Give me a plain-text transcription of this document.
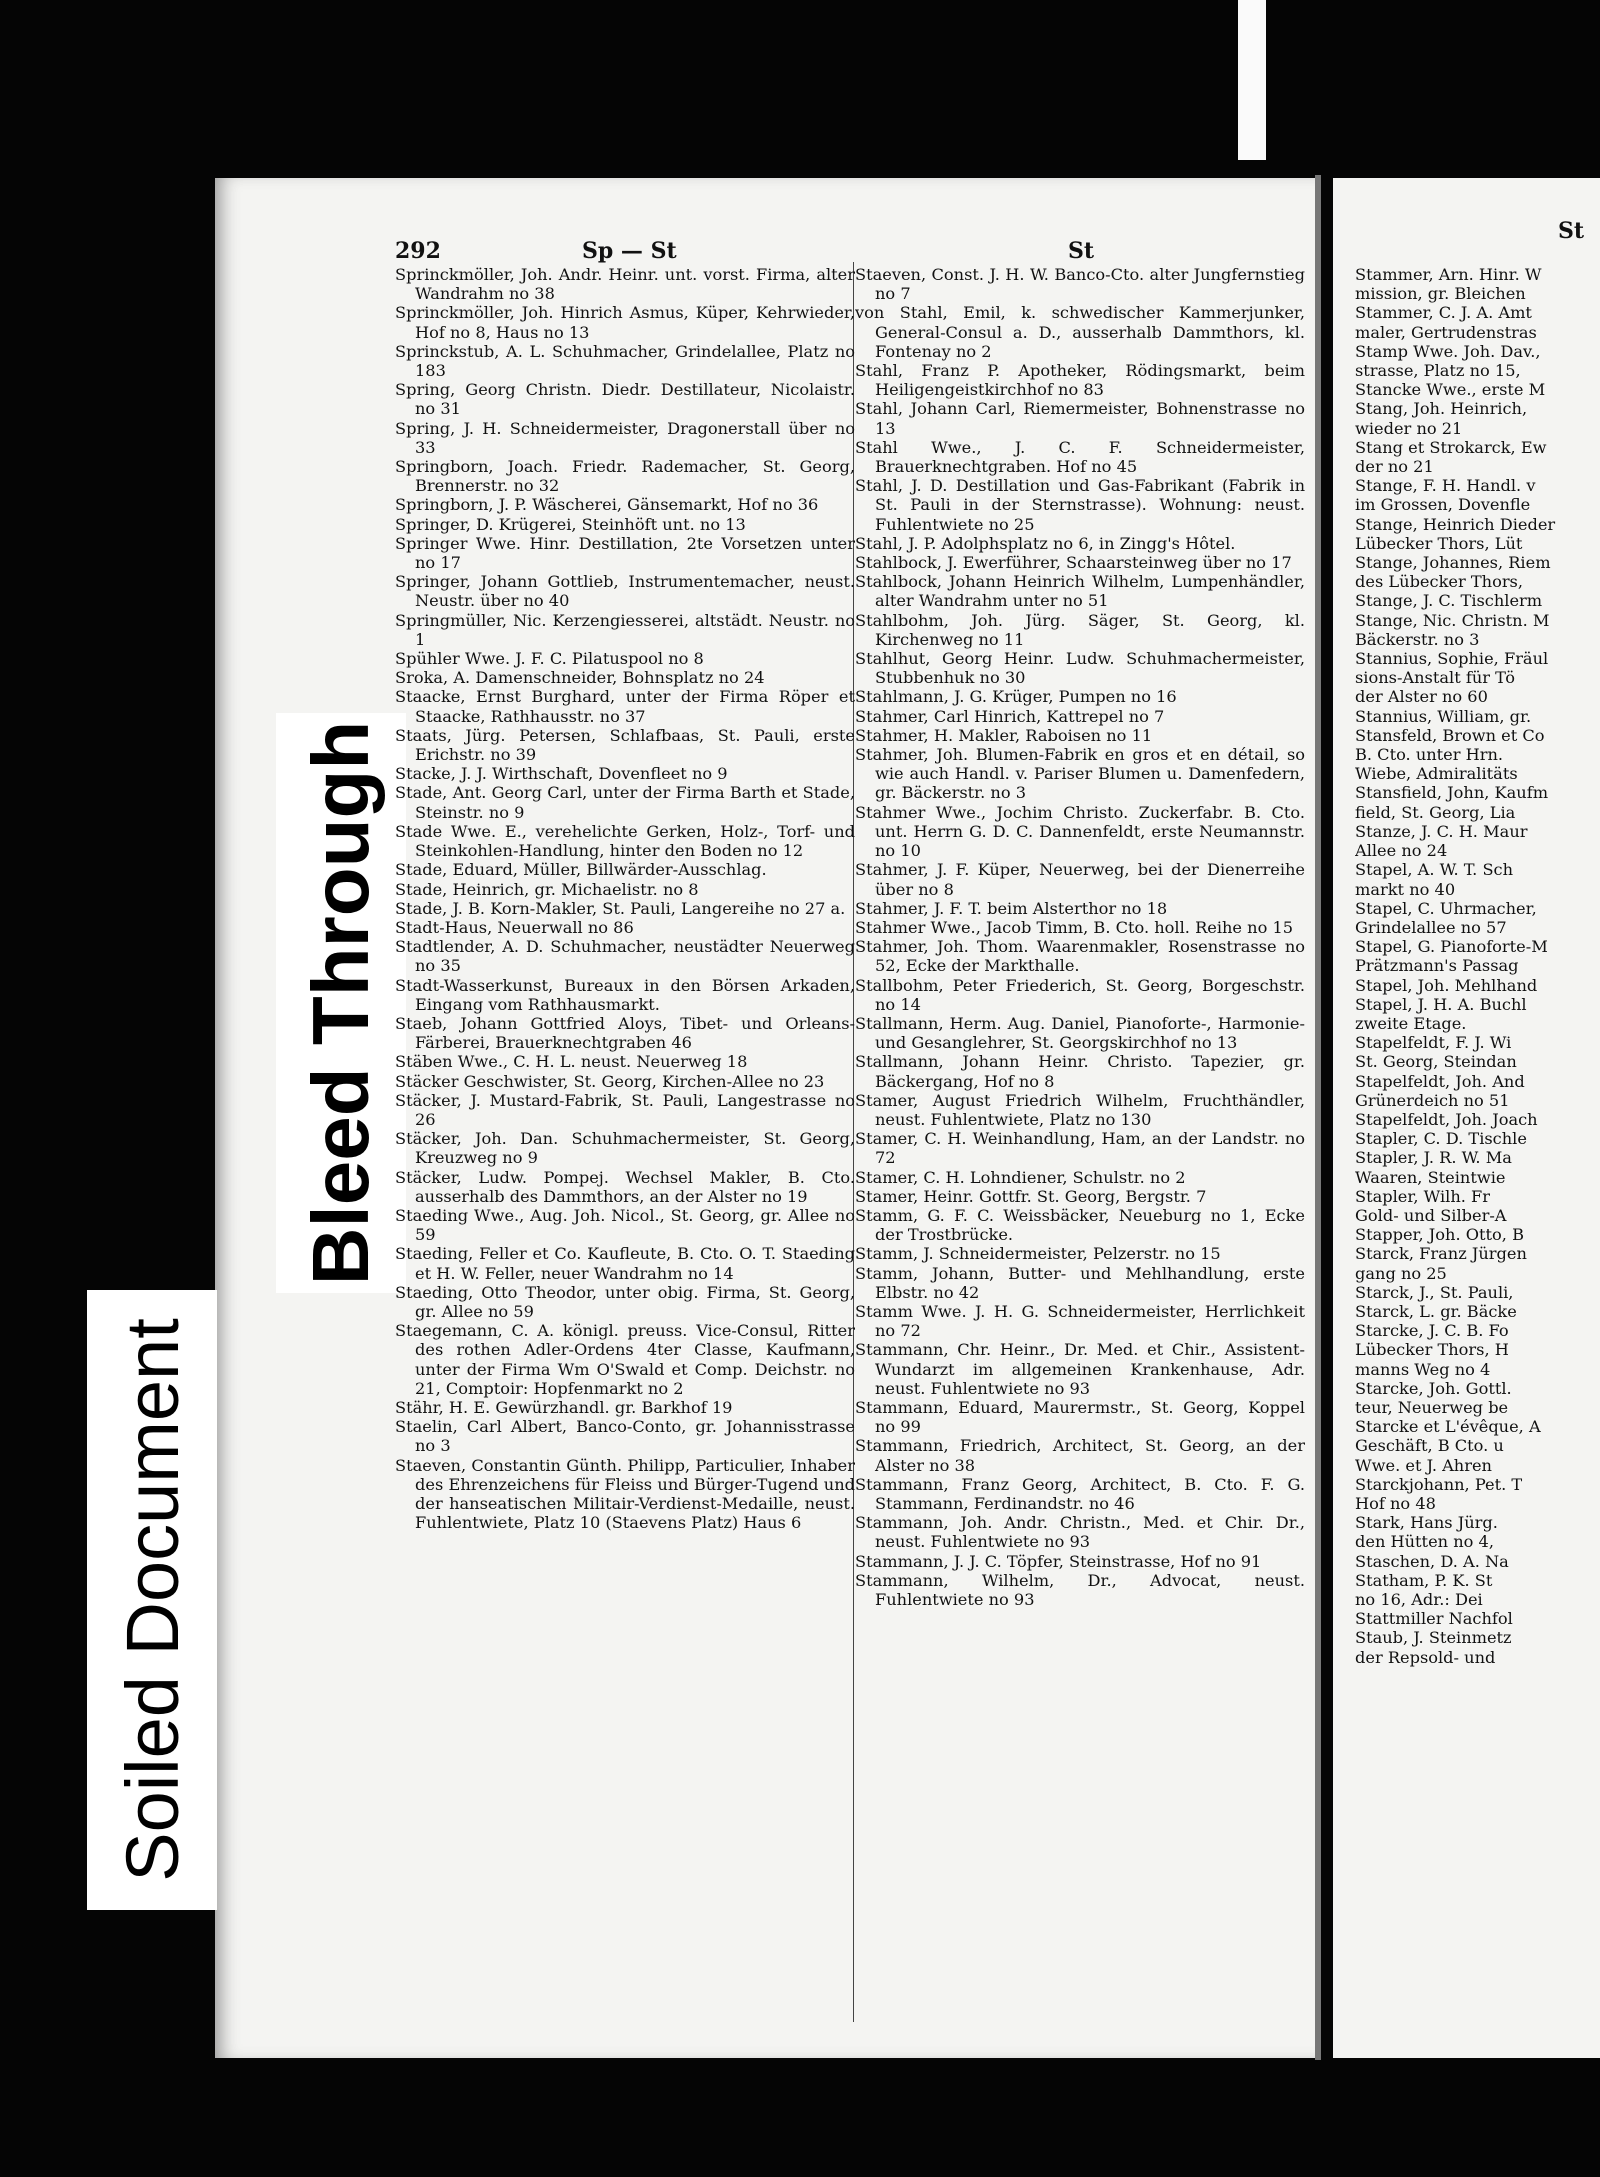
Soiled Document
Bleed Through
292	Sp — St	St
St

Sprinckmöller, Joh. Andr. Heinr. unt. vorst. Firma, alter Wandrahm no 38

Sprinckmöller, Joh. Hinrich Asmus, Küper, Kehrwieder, Hof no 8, Haus no 13

Sprinckstub, A. L. Schuhmacher, Grindelallee, Platz no 183

Spring, Georg Christn. Diedr. Destillateur, Nicolaistr. no 31

Spring, J. H. Schneidermeister, Dragonerstall über no 33

Springborn, Joach. Friedr. Rademacher, St. Georg, Brennerstr. no 32

Springborn, J. P. Wäscherei, Gänsemarkt, Hof no 36

Springer, D. Krügerei, Steinhöft unt. no 13

Springer Wwe. Hinr. Destillation, 2te Vorsetzen unter no 17

Springer, Johann Gottlieb, Instrumentemacher, neust. Neustr. über no 40

Springmüller, Nic. Kerzengiesserei, altstädt. Neustr. no 1

Spühler Wwe. J. F. C. Pilatuspool no 8

Sroka, A. Damenschneider, Bohnsplatz no 24

Staacke, Ernst Burghard, unter der Firma Röper et Staacke, Rathhausstr. no 37

Staats, Jürg. Petersen, Schlafbaas, St. Pauli, erste Erichstr. no 39

Stacke, J. J. Wirthschaft, Dovenfleet no 9

Stade, Ant. Georg Carl, unter der Firma Barth et Stade, Steinstr. no 9

Stade Wwe. E., verehelichte Gerken, Holz-, Torf- und Steinkohlen-Handlung, hinter den Boden no 12

Stade, Eduard, Müller, Billwärder-Ausschlag.

Stade, Heinrich, gr. Michaelistr. no 8

Stade, J. B. Korn-Makler, St. Pauli, Langereihe no 27 a.

Stadt-Haus, Neuerwall no 86

Stadtlender, A. D. Schuhmacher, neustädter Neuerweg no 35

Stadt-Wasserkunst, Bureaux in den Börsen Arkaden, Eingang vom Rathhausmarkt.

Staeb, Johann Gottfried Aloys, Tibet- und Orleans-Färberei, Brauerknechtgraben 46

Stäben Wwe., C. H. L. neust. Neuerweg 18

Stäcker Geschwister, St. Georg, Kirchen-Allee no 23

Stäcker, J. Mustard-Fabrik, St. Pauli, Langestrasse no 26

Stäcker, Joh. Dan. Schuhmachermeister, St. Georg, Kreuzweg no 9

Stäcker, Ludw. Pompej. Wechsel Makler, B. Cto. ausserhalb des Dammthors, an der Alster no 19

Staeding Wwe., Aug. Joh. Nicol., St. Georg, gr. Allee no 59

Staeding, Feller et Co. Kaufleute, B. Cto. O. T. Staeding et H. W. Feller, neuer Wandrahm no 14

Staeding, Otto Theodor, unter obig. Firma, St. Georg, gr. Allee no 59

Staegemann, C. A. königl. preuss. Vice-Consul, Ritter des rothen Adler-Ordens 4ter Classe, Kaufmann, unter der Firma Wm O'Swald et Comp. Deichstr. no 21, Comptoir: Hopfenmarkt no 2

Stähr, H. E. Gewürzhandl. gr. Barkhof 19

Staelin, Carl Albert, Banco-Conto, gr. Johannisstrasse no 3

Staeven, Constantin Günth. Philipp, Particulier, Inhaber des Ehrenzeichens für Fleiss und Bürger-Tugend und der hanseatischen Militair-Verdienst-Medaille, neust. Fuhlentwiete, Platz 10 (Staevens Platz) Haus 6

Staeven, Const. J. H. W. Banco-Cto. alter Jungfernstieg no 7

von Stahl, Emil, k. schwedischer Kammerjunker, General-Consul a. D., ausserhalb Dammthors, kl. Fontenay no 2

Stahl, Franz P. Apotheker, Rödingsmarkt, beim Heiligengeistkirchhof no 83

Stahl, Johann Carl, Riemermeister, Bohnenstrasse no 13

Stahl Wwe., J. C. F. Schneidermeister, Brauerknechtgraben. Hof no 45

Stahl, J. D. Destillation und Gas-Fabrikant (Fabrik in St. Pauli in der Sternstrasse). Wohnung: neust. Fuhlentwiete no 25

Stahl, J. P. Adolphsplatz no 6, in Zingg's Hôtel.

Stahlbock, J. Ewerführer, Schaarsteinweg über no 17

Stahlbock, Johann Heinrich Wilhelm, Lumpenhändler, alter Wandrahm unter no 51

Stahlbohm, Joh. Jürg. Säger, St. Georg, kl. Kirchenweg no 11

Stahlhut, Georg Heinr. Ludw. Schuhmachermeister, Stubbenhuk no 30

Stahlmann, J. G. Krüger, Pumpen no 16

Stahmer, Carl Hinrich, Kattrepel no 7

Stahmer, H. Makler, Raboisen no 11

Stahmer, Joh. Blumen-Fabrik en gros et en détail, so wie auch Handl. v. Pariser Blumen u. Damenfedern, gr. Bäckerstr. no 3

Stahmer Wwe., Jochim Christo. Zuckerfabr. B. Cto. unt. Herrn G. D. C. Dannenfeldt, erste Neumannstr. no 10

Stahmer, J. F. Küper, Neuerweg, bei der Dienerreihe über no 8

Stahmer, J. F. T. beim Alsterthor no 18

Stahmer Wwe., Jacob Timm, B. Cto. holl. Reihe no 15

Stahmer, Joh. Thom. Waarenmakler, Rosenstrasse no 52, Ecke der Markthalle.

Stallbohm, Peter Friederich, St. Georg, Borgeschstr. no 14

Stallmann, Herm. Aug. Daniel, Pianoforte-, Harmonie- und Gesanglehrer, St. Georgskirchhof no 13

Stallmann, Johann Heinr. Christo. Tapezier, gr. Bäckergang, Hof no 8

Stamer, August Friedrich Wilhelm, Fruchthändler, neust. Fuhlentwiete, Platz no 130

Stamer, C. H. Weinhandlung, Ham, an der Landstr. no 72

Stamer, C. H. Lohndiener, Schulstr. no 2

Stamer, Heinr. Gottfr. St. Georg, Bergstr. 7

Stamm, G. F. C. Weissbäcker, Neueburg no 1, Ecke der Trostbrücke.

Stamm, J. Schneidermeister, Pelzerstr. no 15

Stamm, Johann, Butter- und Mehlhandlung, erste Elbstr. no 42

Stamm Wwe. J. H. G. Schneidermeister, Herrlichkeit no 72

Stammann, Chr. Heinr., Dr. Med. et Chir., Assistent-Wundarzt im allgemeinen Krankenhause, Adr. neust. Fuhlentwiete no 93

Stammann, Eduard, Maurermstr., St. Georg, Koppel no 99

Stammann, Friedrich, Architect, St. Georg, an der Alster no 38

Stammann, Franz Georg, Architect, B. Cto. F. G. Stammann, Ferdinandstr. no 46

Stammann, Joh. Andr. Christn., Med. et Chir. Dr., neust. Fuhlentwiete no 93

Stammann, J. J. C. Töpfer, Steinstrasse, Hof no 91

Stammann, Wilhelm, Dr., Advocat, neust. Fuhlentwiete no 93

Stammer, Arn. Hinr. W

mission, gr. Bleichen

Stammer, C. J. A. Amt

maler, Gertrudenstras

Stamp Wwe. Joh. Dav.,

strasse, Platz no 15,

Stancke Wwe., erste M

Stang, Joh. Heinrich,

wieder no 21

Stang et Strokarck, Ew

der no 21

Stange, F. H. Handl. v

im Grossen, Dovenfle

Stange, Heinrich Dieder

Lübecker Thors, Lüt

Stange, Johannes, Riem

des Lübecker Thors,

Stange, J. C. Tischlerm

Stange, Nic. Christn. M

Bäckerstr. no 3

Stannius, Sophie, Fräul

sions-Anstalt für Tö

der Alster no 60

Stannius, William, gr.

Stansfeld, Brown et Co

B. Cto. unter Hrn.

Wiebe, Admiralitäts

Stansfield, John, Kaufm

field, St. Georg, Lia

Stanze, J. C. H. Maur

Allee no 24

Stapel, A. W. T. Sch

markt no 40

Stapel, C. Uhrmacher,

Grindelallee no 57

Stapel, G. Pianoforte-M

Prätzmann's Passag

Stapel, Joh. Mehlhand

Stapel, J. H. A. Buchl

zweite Etage.

Stapelfeldt, F. J. Wi

St. Georg, Steindan

Stapelfeldt, Joh. And

Grünerdeich no 51

Stapelfeldt, Joh. Joach

Stapler, C. D. Tischle

Stapler, J. R. W. Ma

Waaren, Steintwie

Stapler, Wilh. Fr

Gold- und Silber-A

Stapper, Joh. Otto, B

Starck, Franz Jürgen

gang no 25

Starck, J., St. Pauli,

Starck, L. gr. Bäcke

Starcke, J. C. B. Fo

Lübecker Thors, H

manns Weg no 4

Starcke, Joh. Gottl.

teur, Neuerweg be

Starcke et L'évêque, A

Geschäft, B Cto. u

Wwe. et J. Ahren

Starckjohann, Pet. T

Hof no 48

Stark, Hans Jürg.

den Hütten no 4,

Staschen, D. A. Na

Statham, P. K. St

no 16, Adr.: Dei

Stattmiller Nachfol

Staub, J. Steinmetz

der Repsold- und
